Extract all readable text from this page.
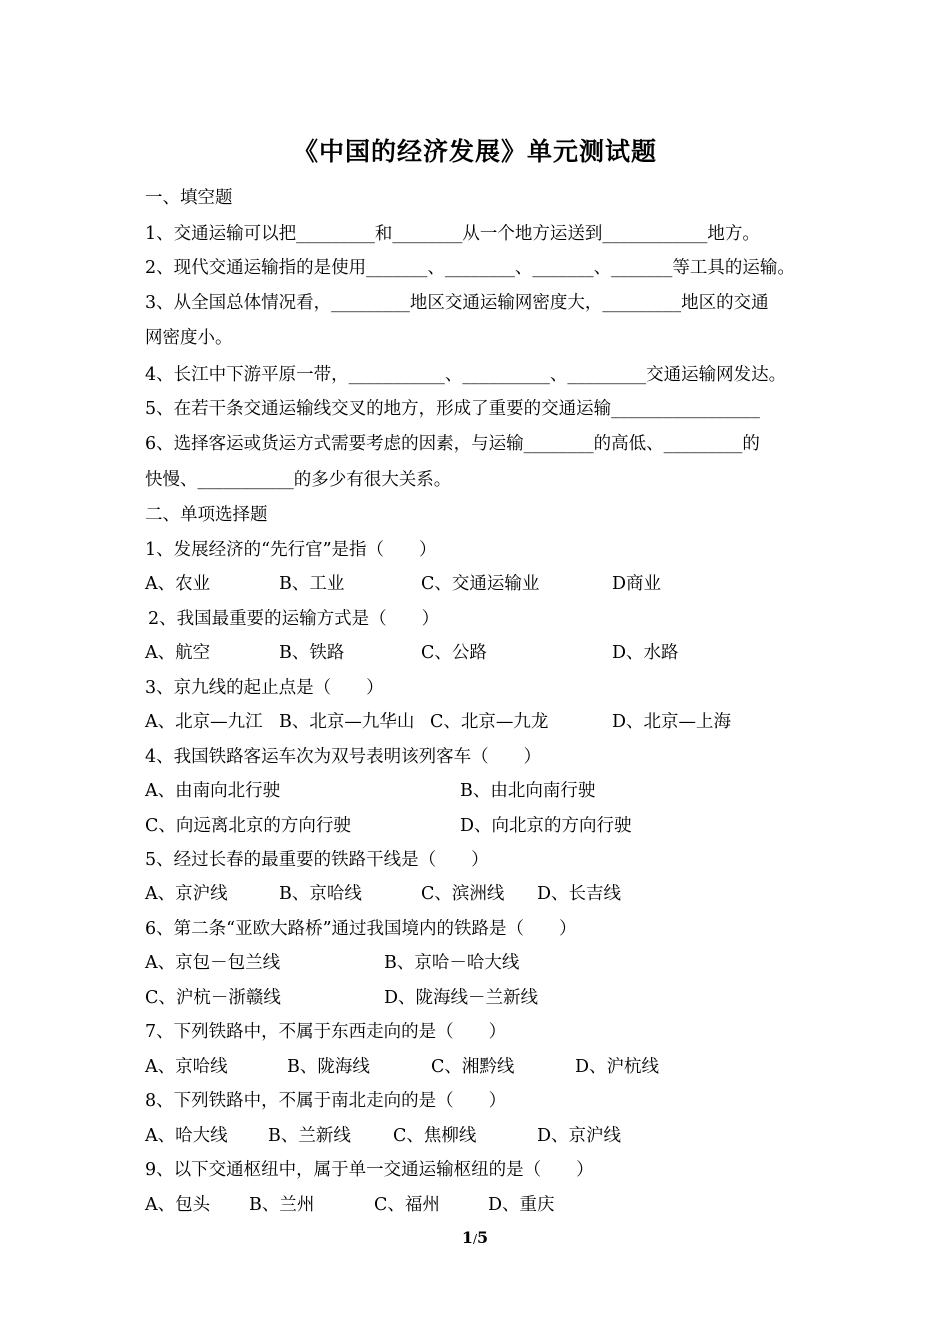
《中国的经济发展》单元测试题
一、填空题
1、交通运输可以把_________和________从一个地方运送到____________地方。
2、现代交通运输指的是使用_______、________、_______、_______等工具的运输。
3、从全国总体情况看，_________地区交通运输网密度大，_________地区的交通
网密度小。
4、长江中下游平原一带，___________、__________、_________交通运输网发达。
5、在若干条交通运输线交叉的地方，形成了重要的交通运输_________________
6、选择客运或货运方式需要考虑的因素，与运输________的高低、_________的
快慢、___________的多少有很大关系。
二、单项选择题
1、发展经济的“先行官”是指（　　）
A、农业	B、工业	C、交通运输业	D商业
2、我国最重要的运输方式是（　　）
A、航空	B、铁路	C、公路	D、水路
3、京九线的起止点是（　　）
A、北京—九江 B、北京—九华山 C、北京—九龙	D、北京—上海
4、我国铁路客运车次为双号表明该列客车（　　）
A、由南向北行驶	B、由北向南行驶
C、向远离北京的方向行驶	D、向北京的方向行驶
5、经过长春的最重要的铁路干线是（　　）
A、京沪线	B、京哈线	C、滨洲线 D、长吉线
6、第二条“亚欧大路桥”通过我国境内的铁路是（　　）
A、京包－包兰线	B、京哈－哈大线
C、沪杭－浙赣线	D、陇海线－兰新线
7、下列铁路中，不属于东西走向的是（　　）
A、京哈线	B、陇海线	C、湘黔线	D、沪杭线
8、下列铁路中，不属于南北走向的是（　　）
A、哈大线 B、兰新线 C、焦柳线	D、京沪线
9、以下交通枢纽中，属于单一交通运输枢纽的是（　　）
A、包头 B、兰州	C、福州	D、重庆
1/5
